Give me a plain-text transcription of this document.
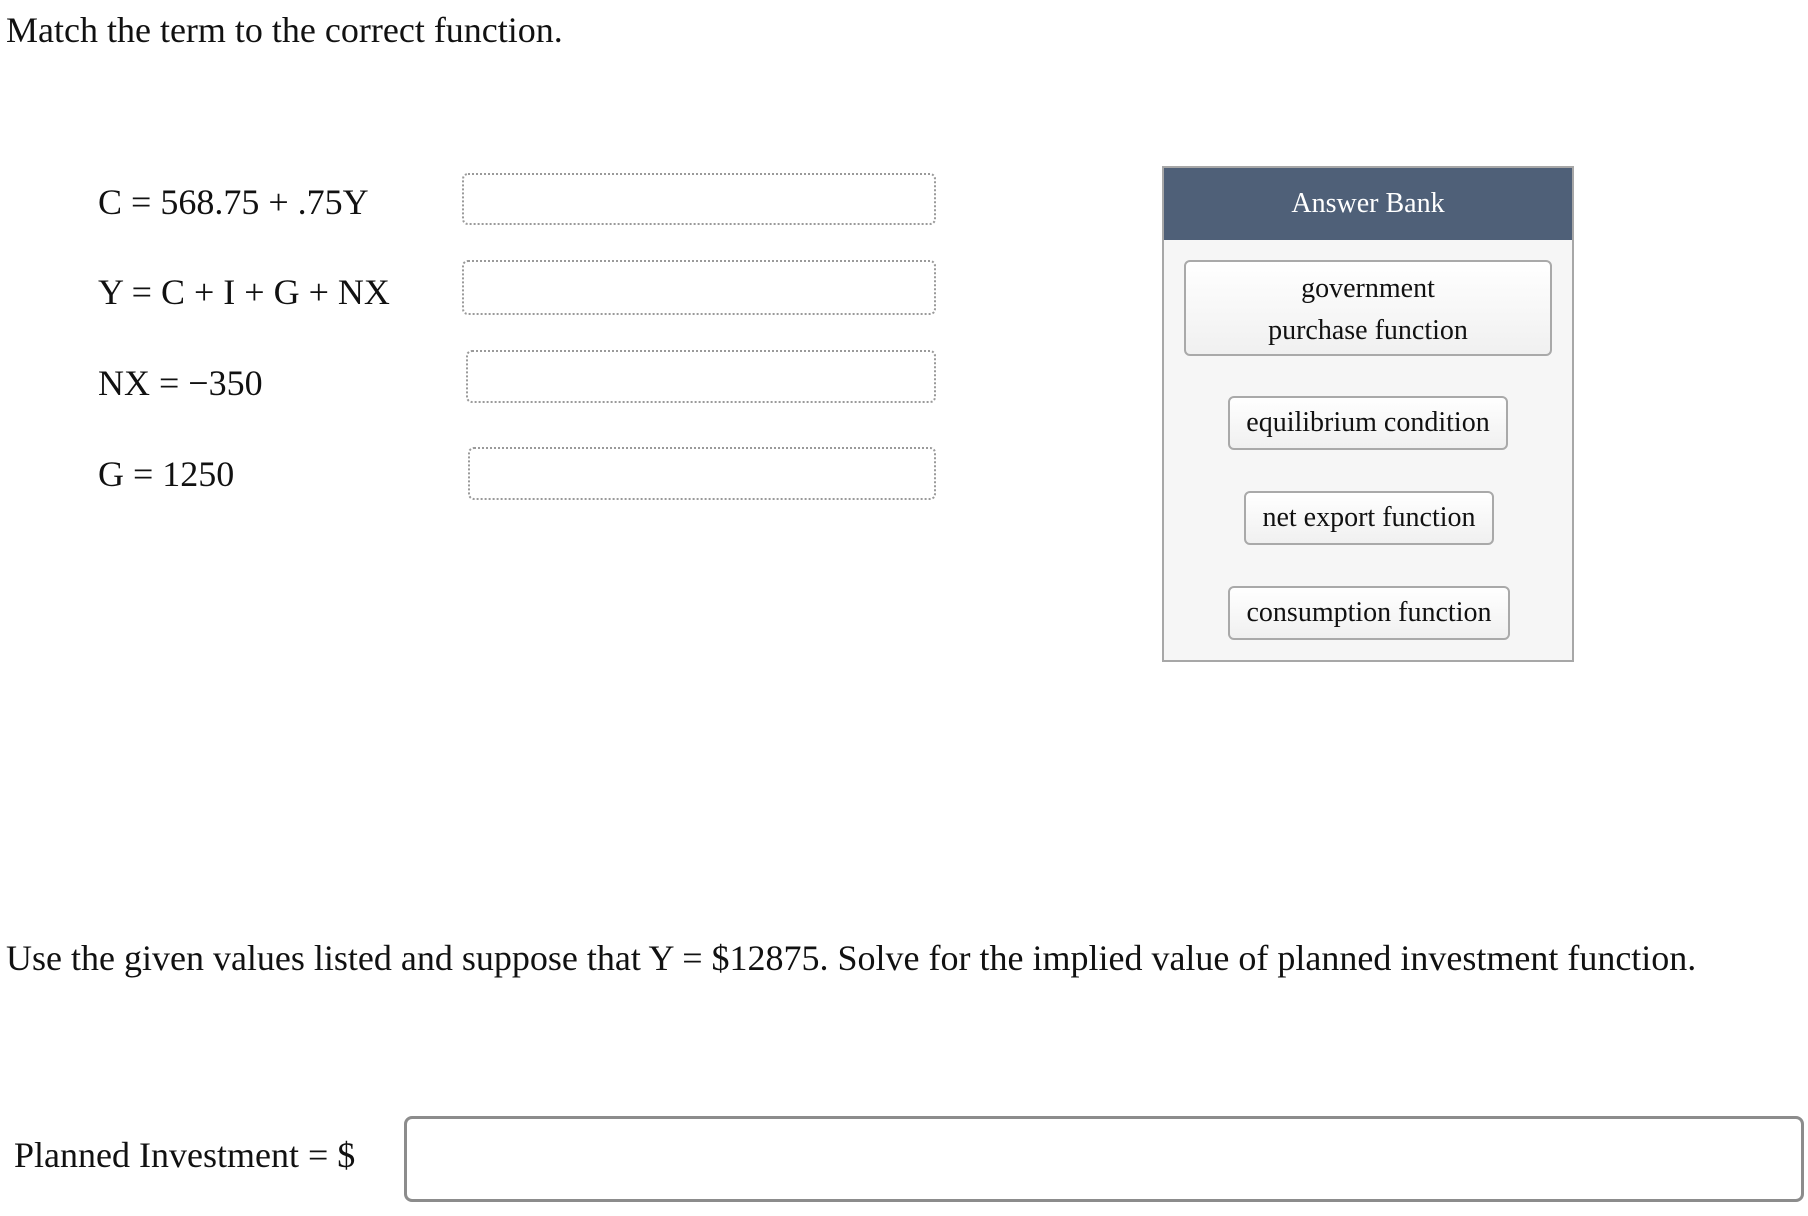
Match the term to the correct function.
C = 568.75 + .75Y
Y = C + I + G + NX
NX = −350
G = 1250
Answer Bank
government
purchase function
equilibrium condition
net export function
consumption function

Use the given values listed and suppose that Y = $12875. Solve for the implied value of planned investment function.

Planned Investment = $
